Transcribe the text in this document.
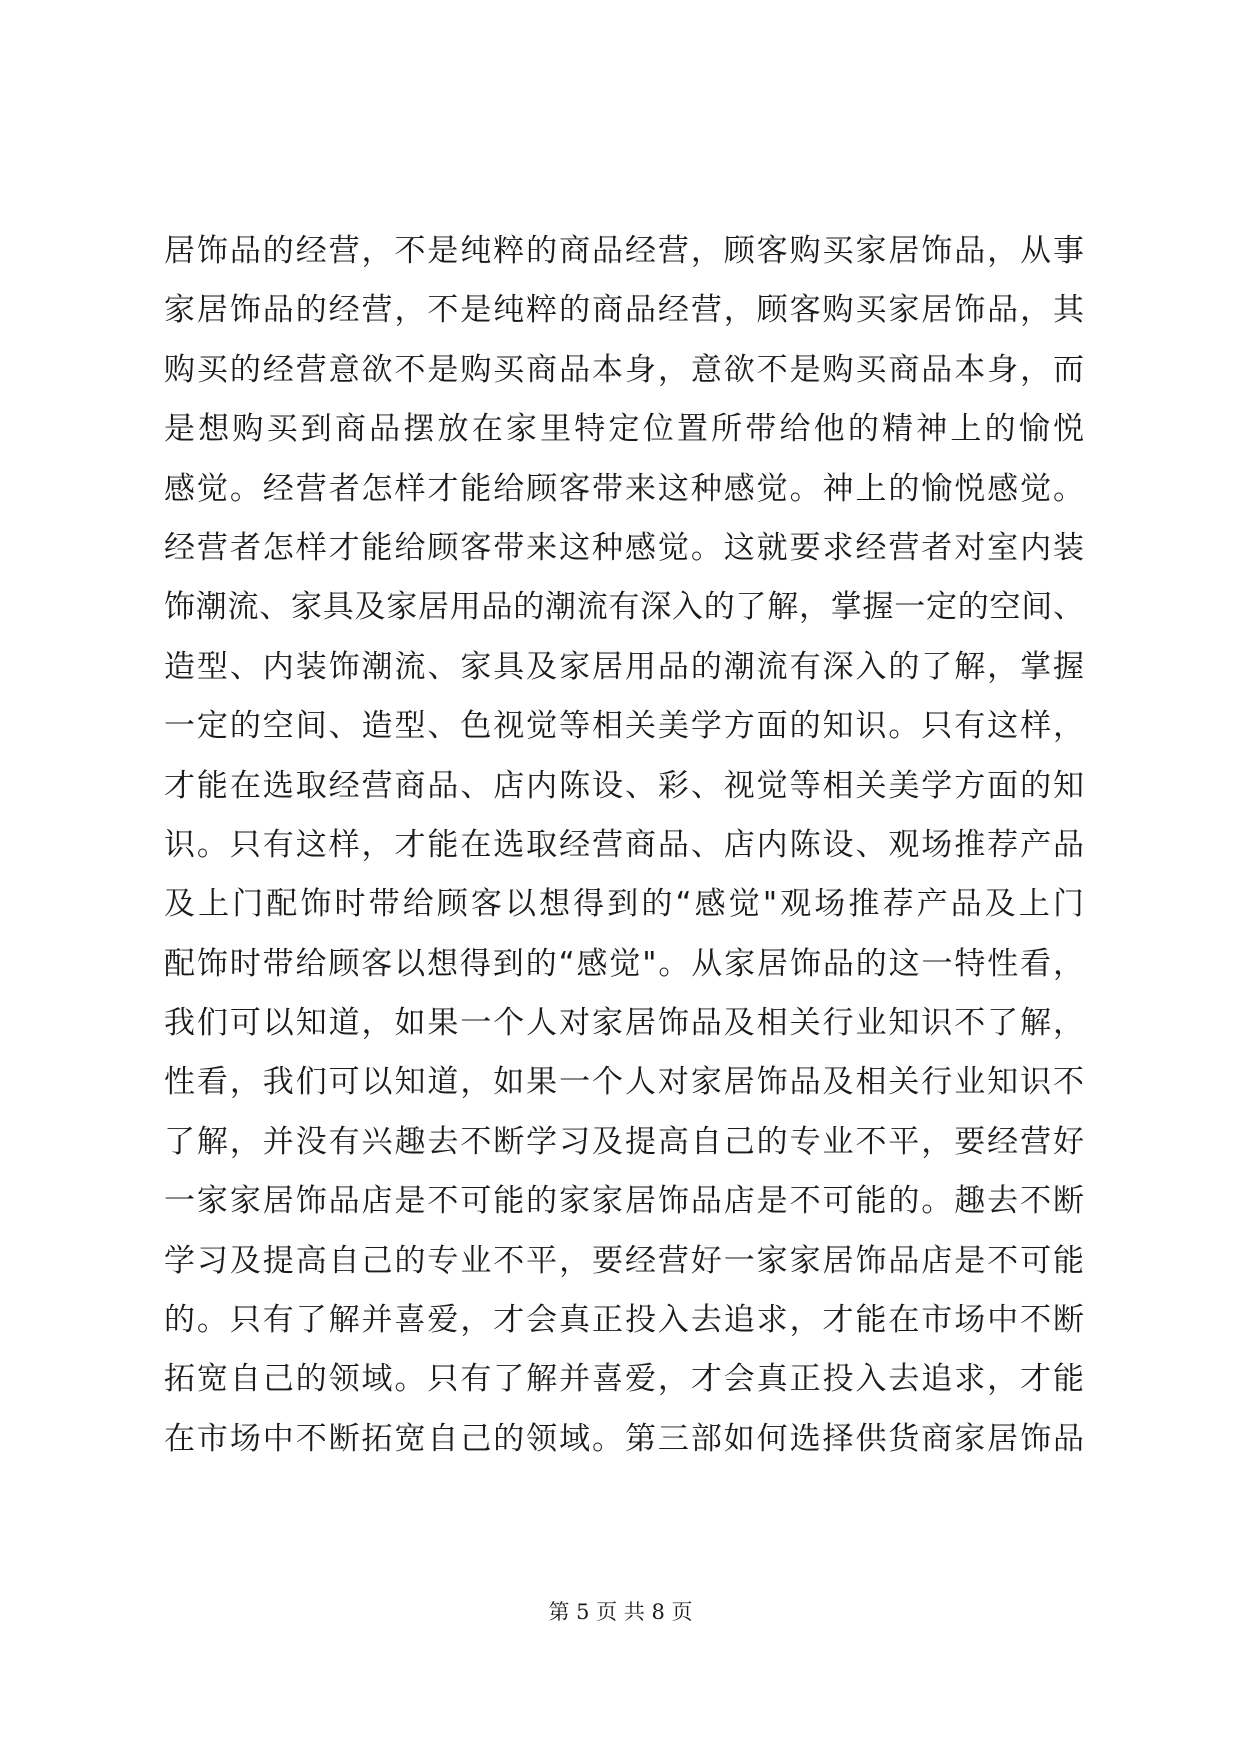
居饰品的经营，不是纯粹的商品经营，顾客购买家居饰品，从事
家居饰品的经营，不是纯粹的商品经营，顾客购买家居饰品，其
购买的经营意欲不是购买商品本身，意欲不是购买商品本身，而
是想购买到商品摆放在家里特定位置所带给他的精神上的愉悦
感觉。经营者怎样才能给顾客带来这种感觉。神上的愉悦感觉。
经营者怎样才能给顾客带来这种感觉。这就要求经营者对室内装
饰潮流、家具及家居用品的潮流有深入的了解，掌握一定的空间、
造型、内装饰潮流、家具及家居用品的潮流有深入的了解，掌握
一定的空间、造型、色视觉等相关美学方面的知识。只有这样，
才能在选取经营商品、店内陈设、彩、视觉等相关美学方面的知
识。只有这样，才能在选取经营商品、店内陈设、观场推荐产品
及上门配饰时带给顾客以想得到的“感觉"观场推荐产品及上门
配饰时带给顾客以想得到的“感觉"。从家居饰品的这一特性看，
我们可以知道，如果一个人对家居饰品及相关行业知识不了解，
性看，我们可以知道，如果一个人对家居饰品及相关行业知识不
了解，并没有兴趣去不断学习及提高自己的专业不平，要经营好
一家家居饰品店是不可能的家家居饰品店是不可能的。趣去不断
学习及提高自己的专业不平，要经营好一家家居饰品店是不可能
的。只有了解并喜爱，才会真正投入去追求，才能在市场中不断
拓宽自己的领域。只有了解并喜爱，才会真正投入去追求，才能
在市场中不断拓宽自己的领域。第三部如何选择供货商家居饰品
第 5 页 共 8 页
